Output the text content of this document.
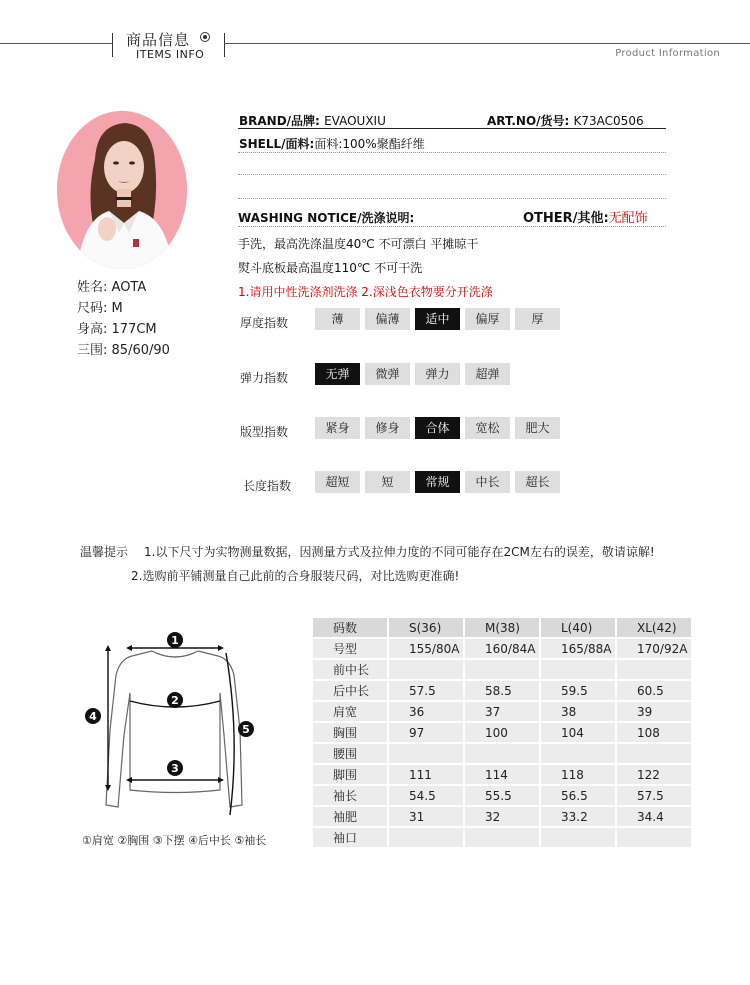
商品信息
ITEMS INFO	Product Information
姓名: AOTA
尺码: M
身高: 177CM
三围: 85/60/90
BRAND/品牌: EVAOUXIU	ART.NO/货号: K73AC0506
SHELL/面料:面料:100%聚酯纤维
WASHING NOTICE/洗涤说明:	OTHER/其他:无配饰
手洗，最高洗涤温度40℃ 不可漂白 平摊晾干
熨斗底板最高温度110℃ 不可干洗
1.请用中性洗涤剂洗涤 2.深浅色衣物要分开洗涤
厚度指数	薄	偏薄	适中	偏厚	厚
弹力指数	无弹	微弹	弹力	超弹
版型指数	紧身	修身	合体	宽松	肥大
长度指数	超短	短	常规	中长	超长
温馨提示 1.以下尺寸为实物测量数据，因测量方式及拉伸力度的不同可能存在2CM左右的误差，敬请谅解!
2.选购前平铺测量自己此前的合身服装尺码，对比选购更准确!
1
2
3
4
5
①肩宽 ②胸围 ③下摆 ④后中长 ⑤袖长
码数	S(36)	M(38)	L(40)	XL(42)
号型	155/80A	160/84A	165/88A	170/92A
前中长				
后中长	57.5	58.5	59.5	60.5
肩宽	36	37	38	39
胸围	97	100	104	108
腰围				
脚围	111	114	118	122
袖长	54.5	55.5	56.5	57.5
袖肥	31	32	33.2	34.4
袖口				
